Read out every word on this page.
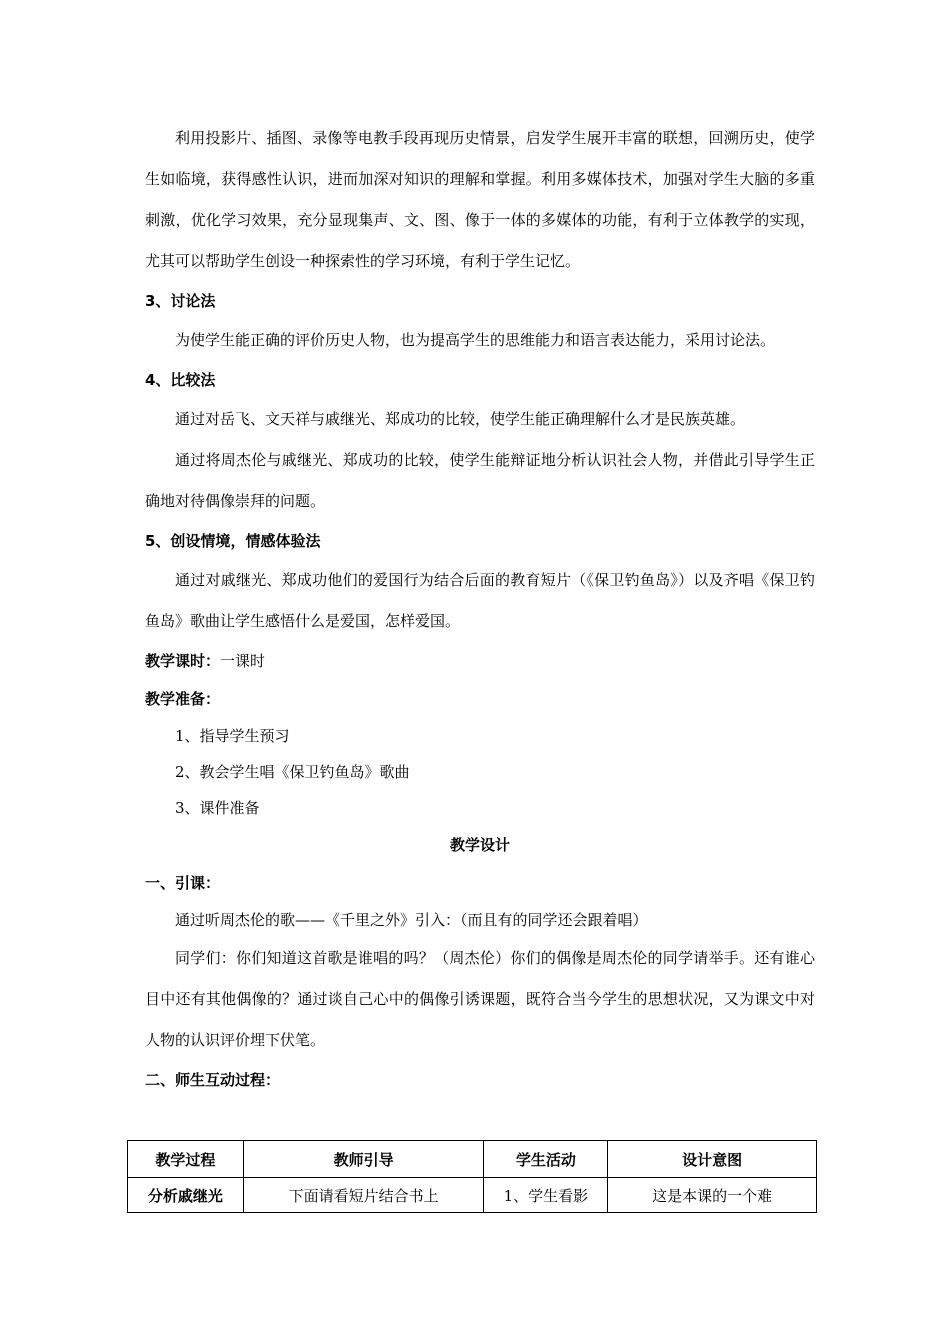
利用投影片、插图、录像等电教手段再现历史情景，启发学生展开丰富的联想，回溯历史，使学生如临境，获得感性认识，进而加深对知识的理解和掌握。利用多媒体技术，加强对学生大脑的多重刺激，优化学习效果，充分显现集声、文、图、像于一体的多媒体的功能，有利于立体教学的实现，尤其可以帮助学生创设一种探索性的学习环境，有利于学生记忆。

3、讨论法

为使学生能正确的评价历史人物，也为提高学生的思维能力和语言表达能力，采用讨论法。

4、比较法

通过对岳飞、文天祥与戚继光、郑成功的比较，使学生能正确理解什么才是民族英雄。

通过将周杰伦与戚继光、郑成功的比较，使学生能辩证地分析认识社会人物，并借此引导学生正确地对待偶像崇拜的问题。

5、创设情境，情感体验法

通过对戚继光、郑成功他们的爱国行为结合后面的教育短片（《保卫钓鱼岛》）以及齐唱《保卫钓鱼岛》歌曲让学生感悟什么是爱国，怎样爱国。

教学课时：一课时

教学准备：

1、指导学生预习

2、教会学生唱《保卫钓鱼岛》歌曲

3、课件准备

教学设计

一、引课：

通过听周杰伦的歌——《千里之外》引入：（而且有的同学还会跟着唱）

同学们：你们知道这首歌是谁唱的吗？（周杰伦）你们的偶像是周杰伦的同学请举手。还有谁心目中还有其他偶像的？通过谈自己心中的偶像引诱课题，既符合当今学生的思想状况，又为课文中对人物的认识评价埋下伏笔。

二、师生互动过程：

教学过程	教师引导	学生活动	设计意图
分析戚继光	下面请看短片结合书上	1、学生看影	这是本课的一个难
